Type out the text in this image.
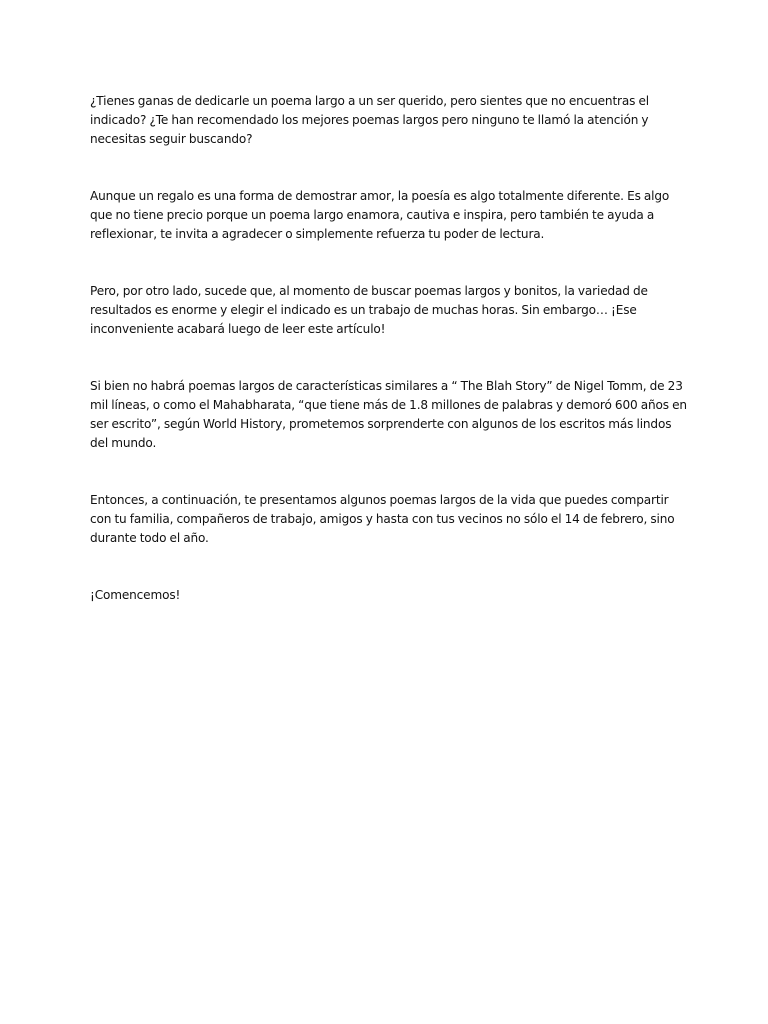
¿Tienes ganas de dedicarle un poema largo a un ser querido, pero sientes que no encuentras el indicado? ¿Te han recomendado los mejores poemas largos pero ninguno te llamó la atención y necesitas seguir buscando?

Aunque un regalo es una forma de demostrar amor, la poesía es algo totalmente diferente. Es algo que no tiene precio porque un poema largo enamora, cautiva e inspira, pero también te ayuda a reflexionar, te invita a agradecer o simplemente refuerza tu poder de lectura.

Pero, por otro lado, sucede que, al momento de buscar poemas largos y bonitos, la variedad de resultados es enorme y elegir el indicado es un trabajo de muchas horas. Sin embargo… ¡Ese inconveniente acabará luego de leer este artículo!

Si bien no habrá poemas largos de características similares a “ The Blah Story” de Nigel Tomm, de 23 mil líneas, o como el Mahabharata, “que tiene más de 1.8 millones de palabras y demoró 600 años en ser escrito”, según World History, prometemos sorprenderte con algunos de los escritos más lindos del mundo.

Entonces, a continuación, te presentamos algunos poemas largos de la vida que puedes compartir con tu familia, compañeros de trabajo, amigos y hasta con tus vecinos no sólo el 14 de febrero, sino durante todo el año.

¡Comencemos!
